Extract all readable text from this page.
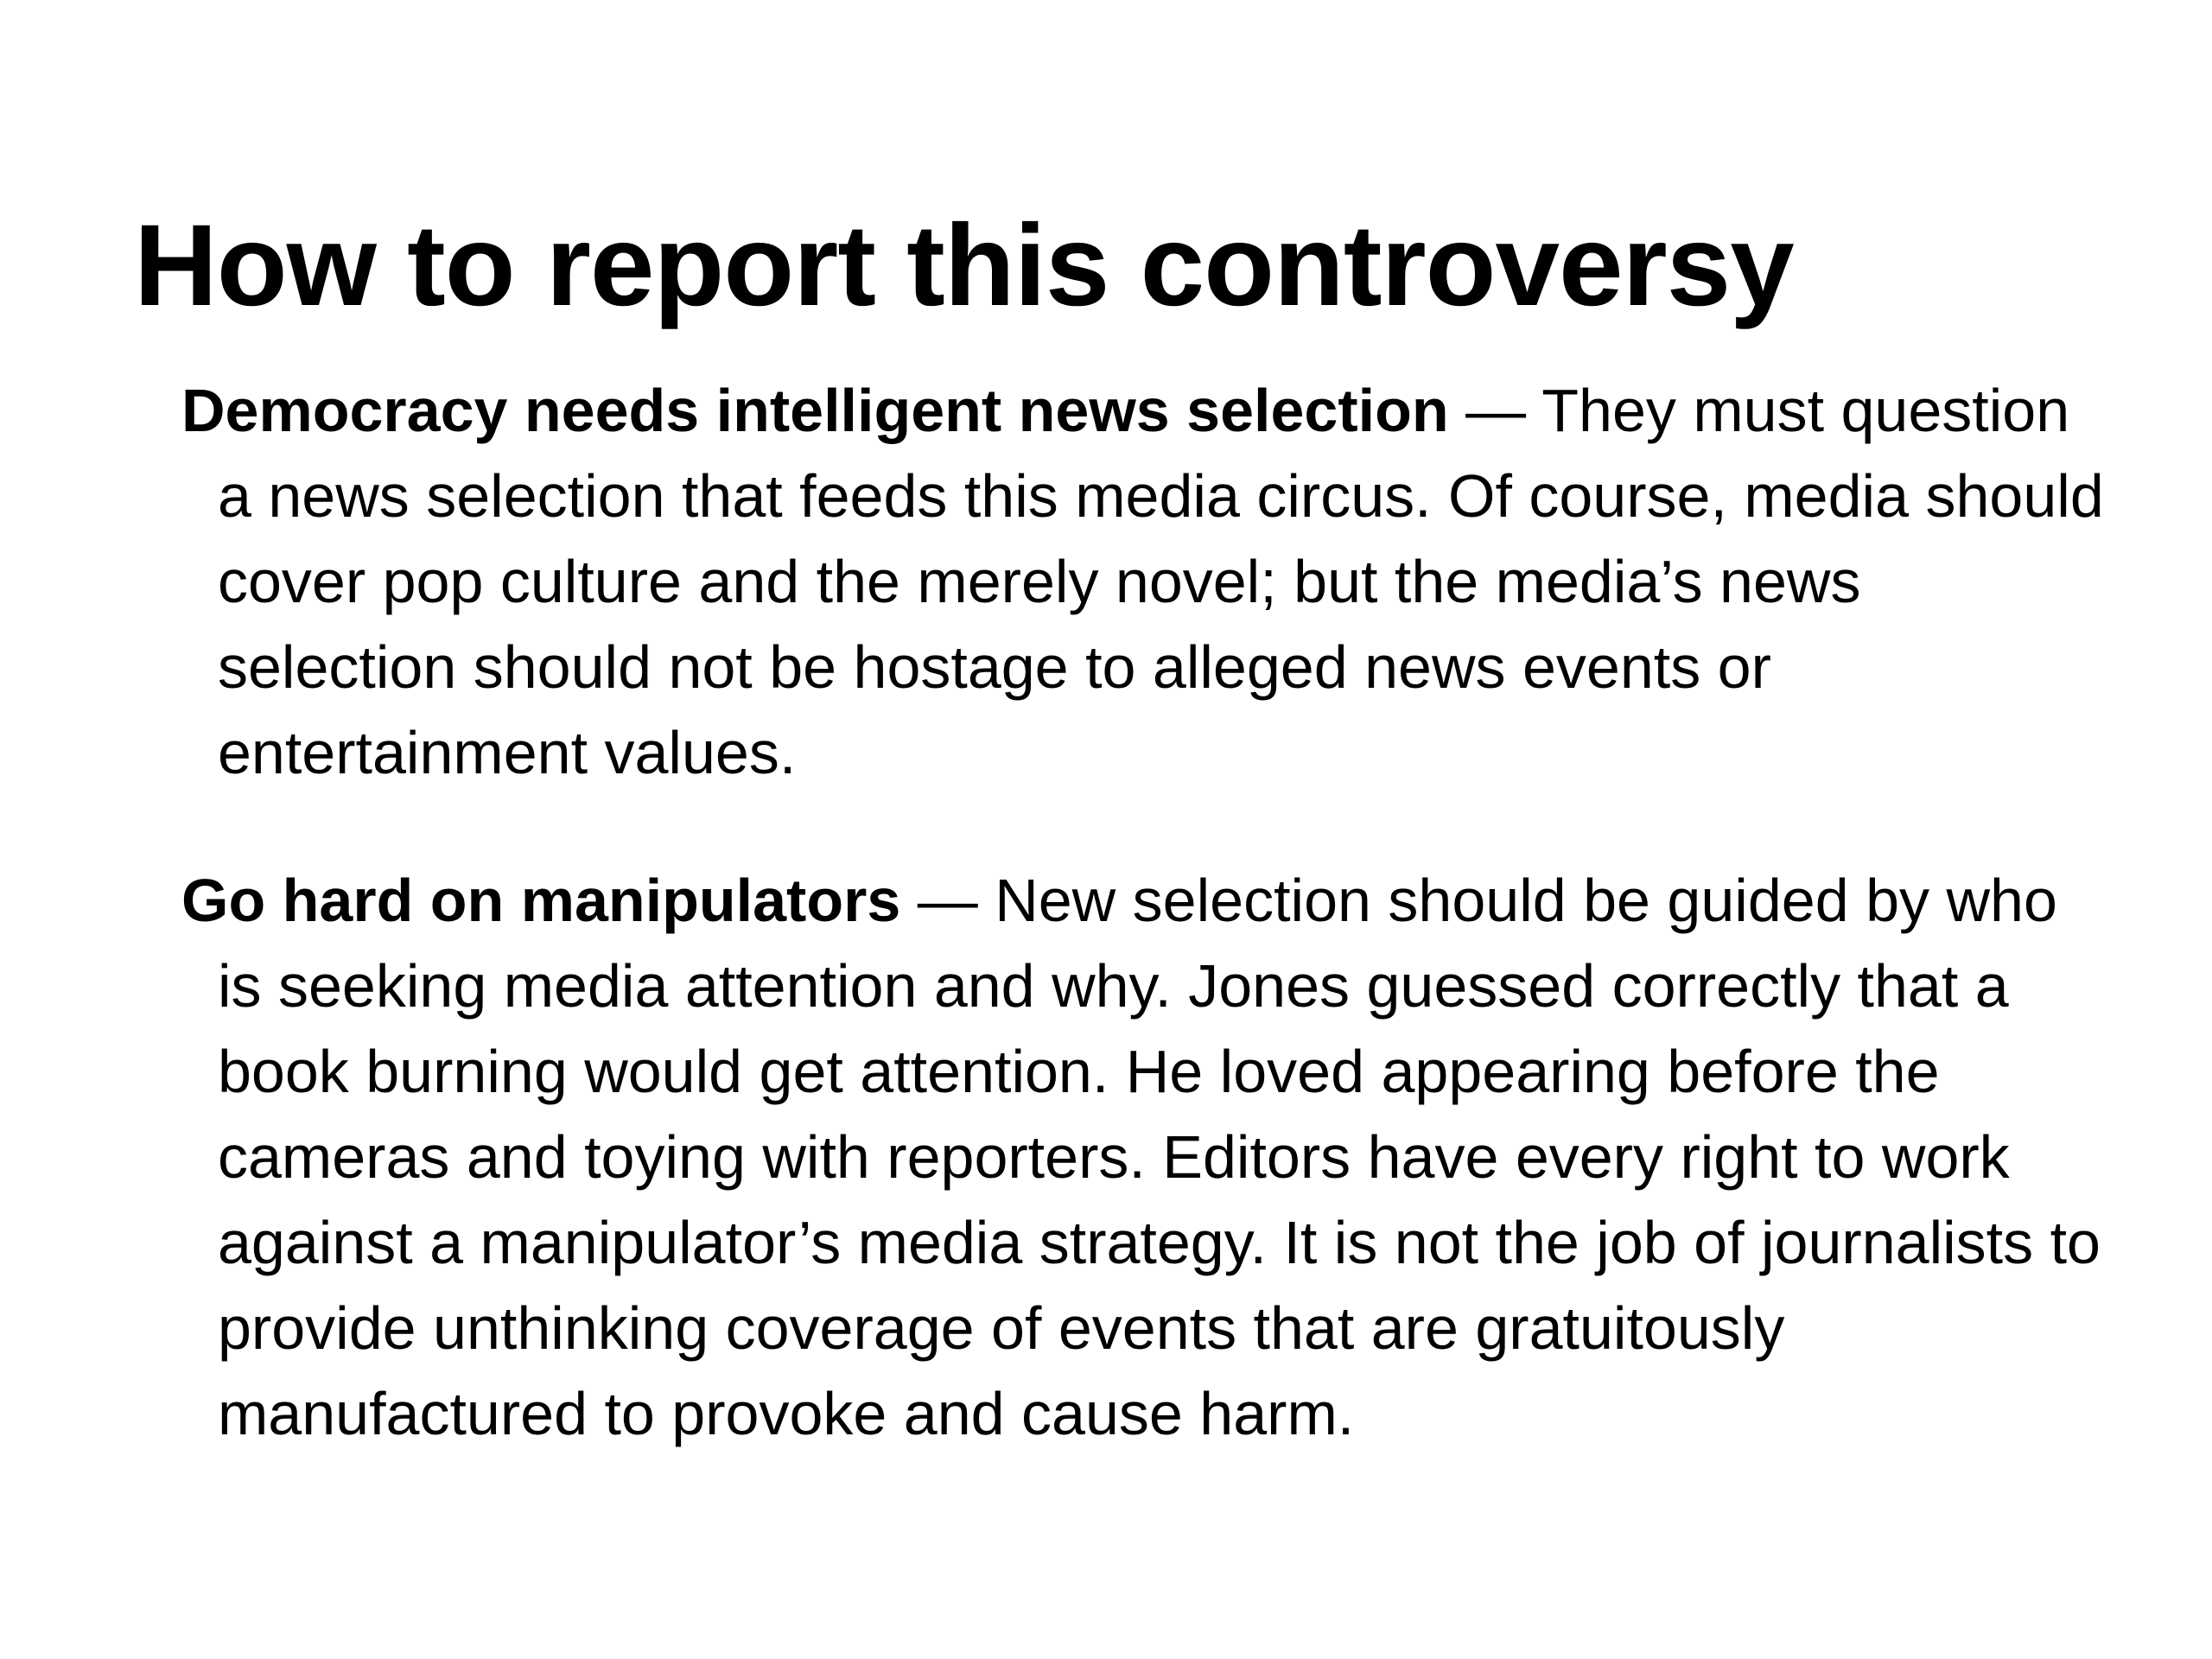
How to report this controversy
Democracy needs intelligent news selection — They must question a news selection that feeds this media circus. Of course, media should cover pop culture and the merely novel; but the media’s news selection should not be hostage to alleged news events or entertainment values.
Go hard on manipulators — New selection should be guided by who is seeking media attention and why. Jones guessed correctly that a book burning would get attention. He loved appearing before the cameras and toying with reporters. Editors have every right to work against a manipulator’s media strategy. It is not the job of journalists to provide unthinking coverage of events that are gratuitously manufactured to provoke and cause harm.
